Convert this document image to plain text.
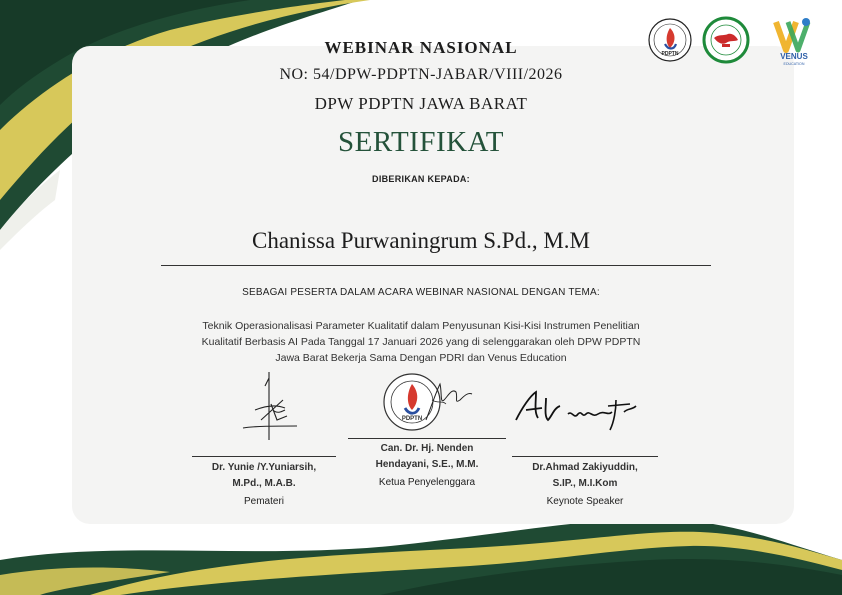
PDPTN	VENUS
EDUCATION
WEBINAR NASIONAL
NO: 54/DPW-PDPTN-JABAR/VIII/2026
DPW PDPTN JAWA BARAT
SERTIFIKAT
DIBERIKAN KEPADA:
Chanissa Purwaningrum S.Pd., M.M
SEBAGAI PESERTA DALAM ACARA WEBINAR NASIONAL DENGAN TEMA:
Teknik Operasionalisasi Parameter Kualitatif dalam Penyusunan Kisi-Kisi Instrumen Penelitian
Kualitatif Berbasis AI Pada Tanggal 17 Januari 2026 yang di selenggarakan oleh DPW PDPTN
Jawa Barat Bekerja Sama Dengan PDRI dan Venus Education
PDPTN
Dr. Yunie /Y.Yuniarsih,
M.Pd., M.A.B.
Pemateri
Can. Dr. Hj. Nenden
Hendayani, S.E., M.M.
Ketua Penyelenggara
Dr.Ahmad Zakiyuddin,
S.IP., M.I.Kom
Keynote Speaker
